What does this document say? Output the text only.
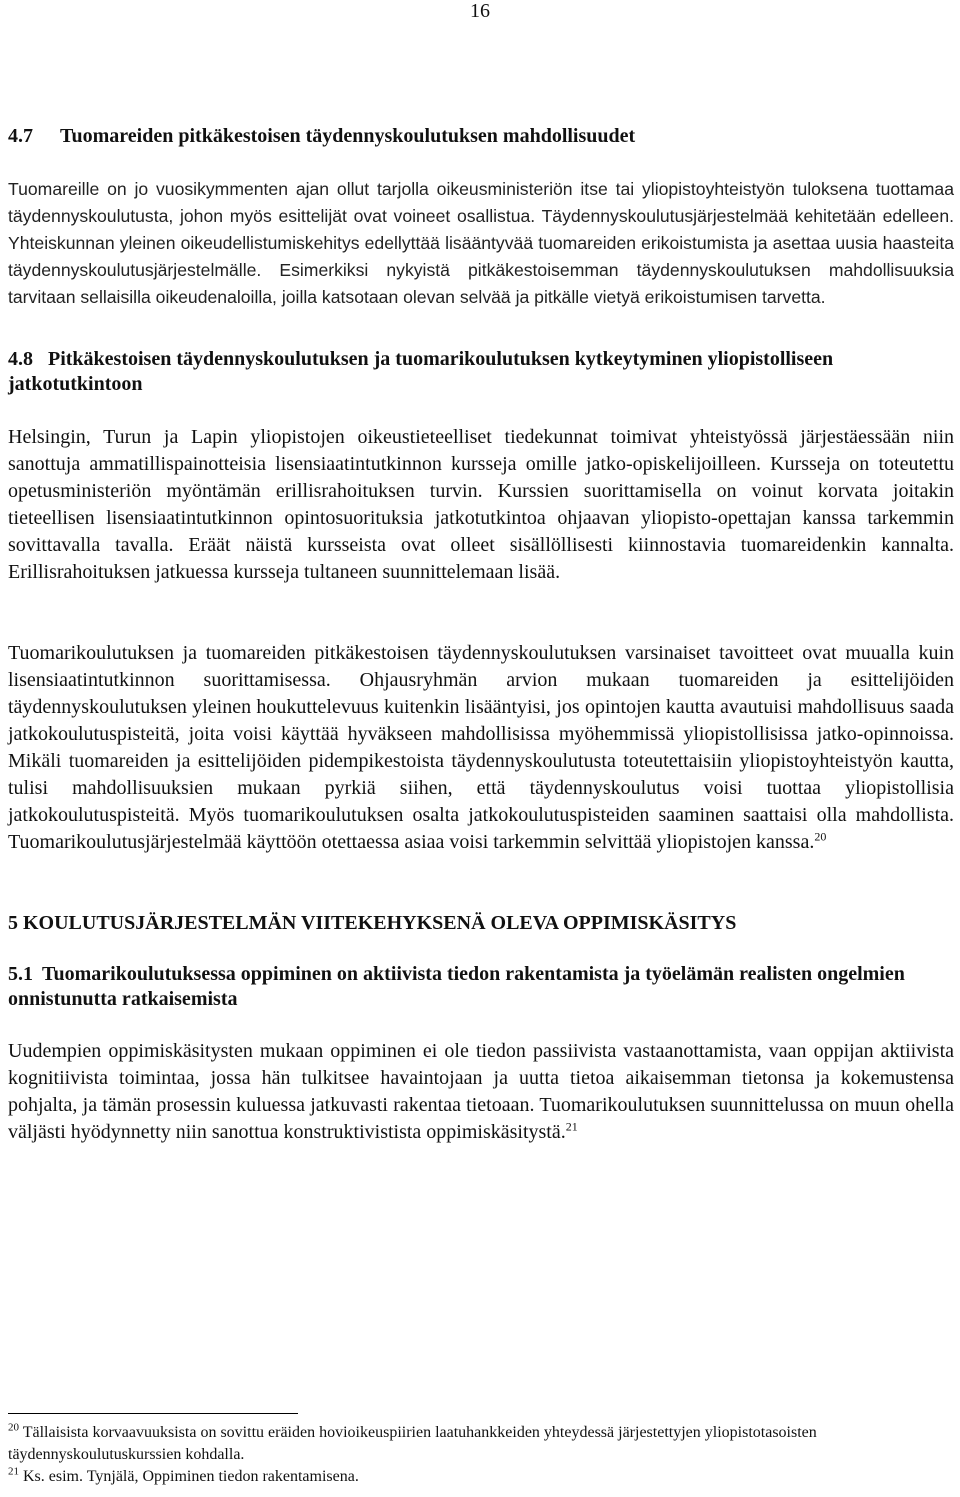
16
4.7 Tuomareiden pitkäkestoisen täydennyskoulutuksen mahdollisuudet

Tuomareille on jo vuosikymmenten ajan ollut tarjolla oikeusministeriön itse tai yliopistoyhteistyön tuloksena tuottamaa täydennyskoulutusta, johon myös esittelijät ovat voineet osallistua. Täydennyskoulutusjärjestelmää kehitetään edelleen. Yhteiskunnan yleinen oikeudellistumiskehitys edellyttää lisääntyvää tuomareiden erikoistumista ja asettaa uusia haasteita täydennyskoulutusjärjestelmälle. Esimerkiksi nykyistä pitkäkestoisemman täydennyskoulutuksen mahdollisuuksia tarvitaan sellaisilla oikeudenaloilla, joilla katsotaan olevan selvää ja pitkälle vietyä erikoistumisen tarvetta.

4.8 Pitkäkestoisen täydennyskoulutuksen ja tuomarikoulutuksen kytkeytyminen yliopistolliseen jatkotutkintoon

Helsingin, Turun ja Lapin yliopistojen oikeustieteelliset tiedekunnat toimivat yhteistyössä järjestäessään niin sanottuja ammatillispainotteisia lisensiaatintutkinnon kursseja omille jatko-opiskelijoilleen. Kursseja on toteutettu opetusministeriön myöntämän erillisrahoituksen turvin. Kurssien suorittamisella on voinut korvata joitakin tieteellisen lisensiaatintutkinnon opintosuorituksia jatkotutkintoa ohjaavan yliopisto-opettajan kanssa tarkemmin sovittavalla tavalla. Eräät näistä kursseista ovat olleet sisällöllisesti kiinnostavia tuomareidenkin kannalta. Erillisrahoituksen jatkuessa kursseja tultaneen suunnittelemaan lisää.

Tuomarikoulutuksen ja tuomareiden pitkäkestoisen täydennyskoulutuksen varsinaiset tavoitteet ovat muualla kuin lisensiaatintutkinnon suorittamisessa. Ohjausryhmän arvion mukaan tuomareiden ja esittelijöiden täydennyskoulutuksen yleinen houkuttelevuus kuitenkin lisääntyisi, jos opintojen kautta avautuisi mahdollisuus saada jatkokoulutuspisteitä, joita voisi käyttää hyväkseen mahdollisissa myöhemmissä yliopistollisissa jatko-opinnoissa. Mikäli tuomareiden ja esittelijöiden pidempikestoista täydennyskoulutusta toteutettaisiin yliopistoyhteistyön kautta, tulisi mahdollisuuksien mukaan pyrkiä siihen, että täydennyskoulutus voisi tuottaa yliopistollisia jatkokoulutuspisteitä. Myös tuomarikoulutuksen osalta jatkokoulutuspisteiden saaminen saattaisi olla mahdollista. Tuomarikoulutusjärjestelmää käyttöön otettaessa asiaa voisi tarkemmin selvittää yliopistojen kanssa.$^{20}$

5 KOULUTUSJÄRJESTELMÄN VIITEKEHYKSENÄ OLEVA OPPIMISKÄSITYS
5.1 Tuomarikoulutuksessa oppiminen on aktiivista tiedon rakentamista ja työelämän realisten ongelmien onnistunutta ratkaisemista

Uudempien oppimiskäsitysten mukaan oppiminen ei ole tiedon passiivista vastaanottamista, vaan oppijan aktiivista kognitiivista toimintaa, jossa hän tulkitsee havaintojaan ja uutta tietoa aikaisemman tietonsa ja kokemustensa pohjalta, ja tämän prosessin kuluessa jatkuvasti rakentaa tietoaan. Tuomarikoulutuksen suunnittelussa on muun ohella väljästi hyödynnetty niin sanottua konstruktivistista oppimiskäsitystä.$^{21}$

$^{20}$ Tällaisista korvaavuuksista on sovittu eräiden hovioikeuspiirien laatuhankkeiden yhteydessä järjestettyjen yliopistotasoisten täydennyskoulutuskurssien kohdalla.

$^{21}$ Ks. esim. Tynjälä, Oppiminen tiedon rakentamisena.
